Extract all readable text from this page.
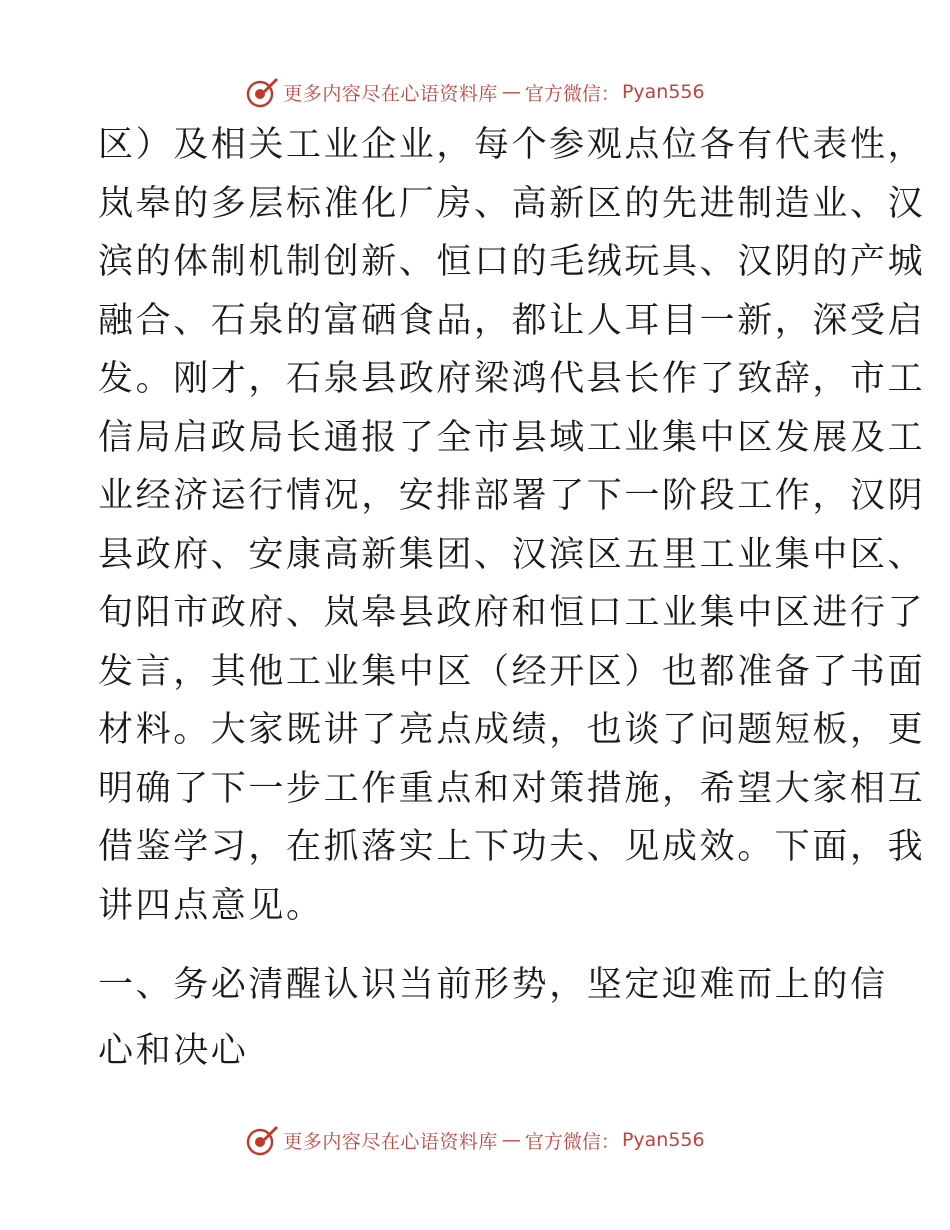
更多内容尽在心语资料库 — 官方微信： Pyan556
区）及相关工业企业，每个参观点位各有代表性，
岚皋的多层标准化厂房、高新区的先进制造业、汉
滨的体制机制创新、恒口的毛绒玩具、汉阴的产城
融合、石泉的富硒食品，都让人耳目一新，深受启
发。刚才，石泉县政府梁鸿代县长作了致辞，市工
信局启政局长通报了全市县域工业集中区发展及工
业经济运行情况，安排部署了下一阶段工作，汉阴
县政府、安康高新集团、汉滨区五里工业集中区、
旬阳市政府、岚皋县政府和恒口工业集中区进行了
发言，其他工业集中区（经开区）也都准备了书面
材料。大家既讲了亮点成绩，也谈了问题短板，更
明确了下一步工作重点和对策措施，希望大家相互
借鉴学习，在抓落实上下功夫、见成效。下面，我
讲四点意见。
一、务必清醒认识当前形势，坚定迎难而上的信
心和决心
更多内容尽在心语资料库 — 官方微信： Pyan556
